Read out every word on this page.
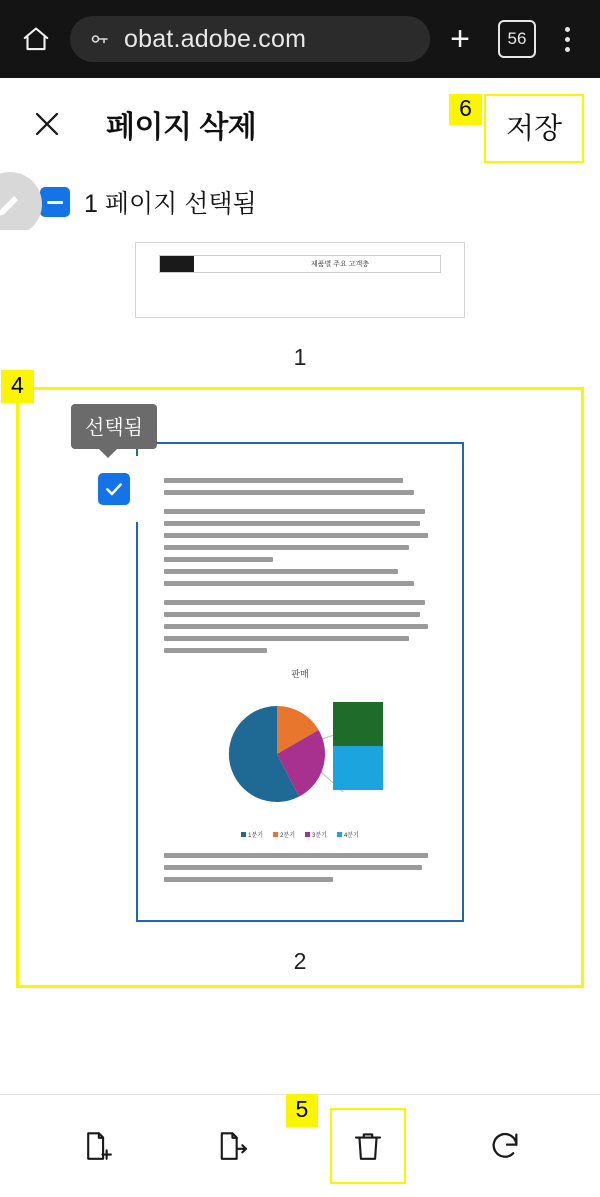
obat.adobe.com	+	56
페이지 삭제
6
저장
1 페이지 선택됨
제품별 주요 고객층
1
4
선택됨
판매
1분기	2분기	3분기	4분기
2
5
